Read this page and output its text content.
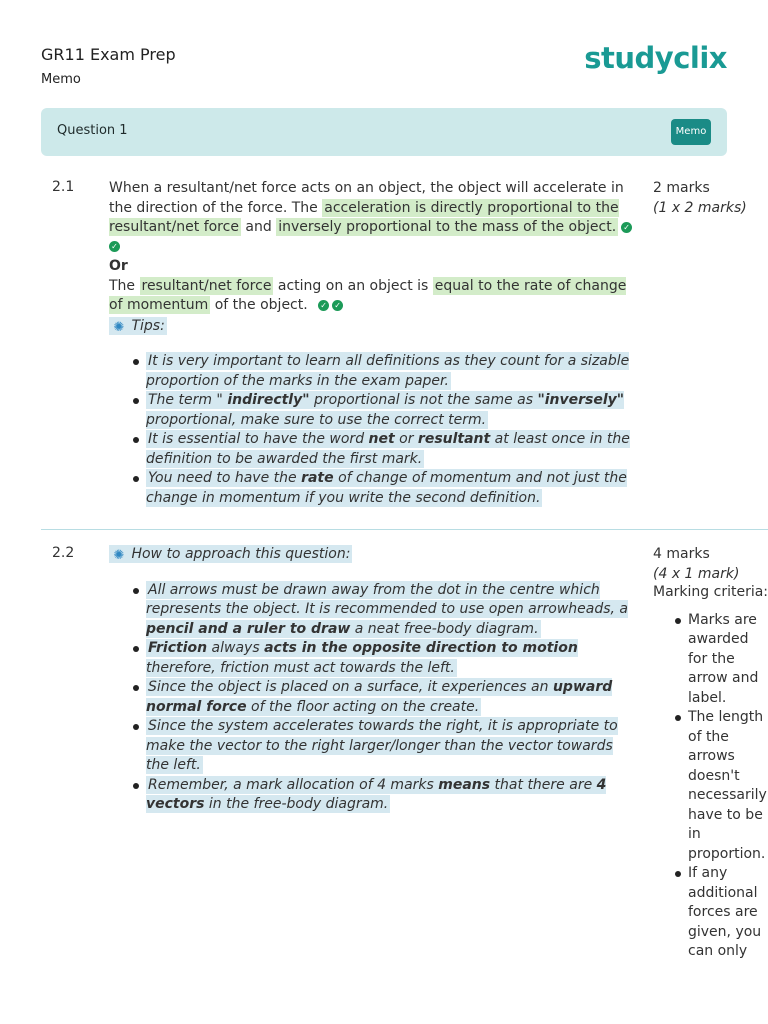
GR11 Exam Prep
Memo
studyclix
Question 1	Memo
2.1	2 marks
(1 x 2 marks)
When a resultant/net force acts on an object, the object will accelerate in the direction of the force. The acceleration is directly proportional to the resultant/net force and inversely proportional to the mass of the object. ✓ ✓
Or
The resultant/net force acting on an object is equal to the rate of change of momentum of the object. ✓ ✓
✺ Tips:
It is very important to learn all definitions as they count for a sizable proportion of the marks in the exam paper.
The term " indirectly" proportional is not the same as "inversely" proportional, make sure to use the correct term.
It is essential to have the word net or resultant at least once in the definition to be awarded the first mark.
You need to have the rate of change of momentum and not just the change in momentum if you write the second definition.
2.2	4 marks
(4 x 1 mark)
Marking criteria:
Marks are awarded for the arrow and label.
The length of the arrows doesn't necessarily have to be in proportion.
If any additional forces are given, you can only
✺ How to approach this question:
All arrows must be drawn away from the dot in the centre which represents the object. It is recommended to use open arrowheads, a pencil and a ruler to draw a neat free-body diagram.
Friction always acts in the opposite direction to motion therefore, friction must act towards the left.
Since the object is placed on a surface, it experiences an upward normal force of the floor acting on the create.
Since the system accelerates towards the right, it is appropriate to make the vector to the right larger/longer than the vector towards the left.
Remember, a mark allocation of 4 marks means that there are 4 vectors in the free-body diagram.
